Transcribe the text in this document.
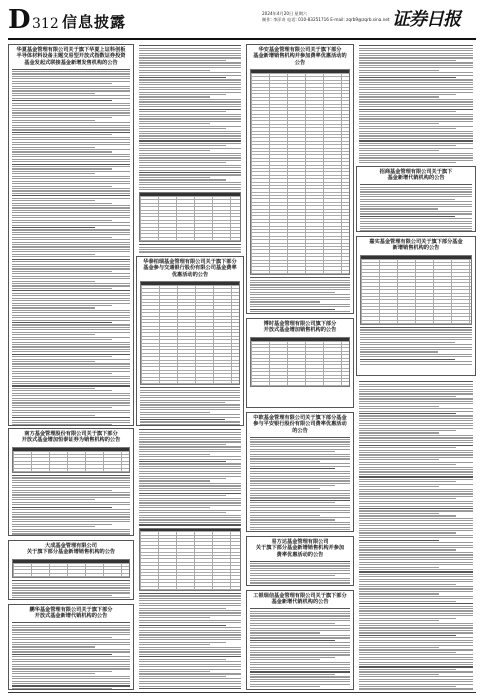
D 312 信息披露	2024年4月20日 星期六
制作: 李洋奇 电话: 010-83251716 E-mail: zqrb9@zqrb.sina.net 证券日报
华夏基金管理有限公司关于旗下华夏上证科创板
半导体材料设备主题交易型开放式指数证券投资
基金发起式联接基金新增发售机构的公告
南方基金管理股份有限公司关于旗下部分
开放式基金增加恒泰证券为销售机构的公告
大成基金管理有限公司
关于旗下部分基金新增销售机构的公告
鹏华基金管理有限公司关于旗下部分
开放式基金新增代销机构的公告
华泰柏瑞基金管理有限公司关于旗下部分
基金参与交通银行股份有限公司基金费率
优惠活动的公告
华安基金管理有限公司关于旗下部分
基金新增销售机构并参加费率优惠活动的公告
博时基金管理有限公司旗下部分
开放式基金增加销售机构的公告
中欧基金管理有限公司关于旗下部分基金
参与平安银行股份有限公司费率优惠活动的公告
易方达基金管理有限公司
关于旗下部分基金新增销售机构并参加
费率优惠活动的公告
工银瑞信基金管理有限公司关于旗下部分
基金新增代销机构的公告
招商基金管理有限公司关于旗下
基金新增代销机构的公告
嘉实基金管理有限公司关于旗下部分基金
新增销售机构的公告
